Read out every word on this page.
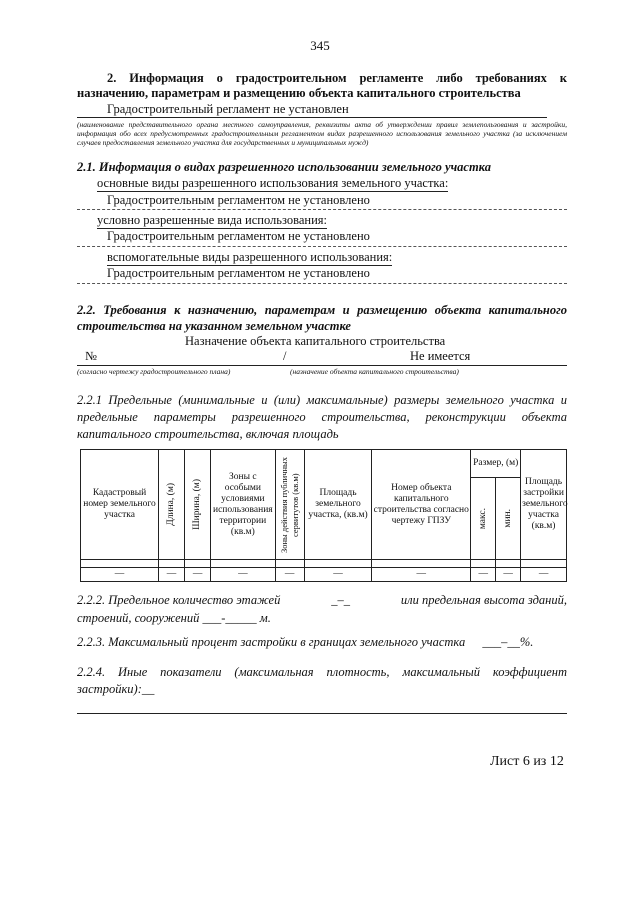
345
2. Информация о градостроительном регламенте либо требованиях к назначению, параметрам и размещению объекта капитального строительства
Градостроительный регламент не установлен
(наименование представительного органа местного самоуправления, реквизиты акта об утверждении правил землепользования и застройки, информация обо всех предусмотренных градостроительным регламентом видах разрешенного использования земельного участка (за исключением случаев предоставления земельного участка для государственных и муниципальных нужд)
2.1. Информация о видах разрешенного использовании земельного участка
основные виды разрешенного использования земельного участка:
Градостроительным регламентом не установлено
условно разрешенные вида использования:
Градостроительным регламентом не установлено
вспомогательные виды разрешенного использования:
Градостроительным регламентом не установлено
2.2. Требования к назначению, параметрам и размещению объекта капитального строительства на указанном земельном участке
Назначение объекта капитального строительства
№	/	Не имеется
(согласно чертежу градостроительного плана)	(назначение объекта капитального строительства)
2.2.1 Предельные (минимальные и (или) максимальные) размеры земельного участка и предельные параметры разрешенного строительства, реконструкции объекта капитального строительства, включая площадь
Кадастровый номер земельного участка	Длина, (м)	Ширина, (м)	Зоны с особыми условиями использования территории (кв.м)	Зоны действия публичных сервитутов (кв.м)	Площадь земельного участка, (кв.м)	Номер объекта капитального строительства согласно чертежу ГПЗУ	Размер, (м)		Площадь застройки земельного участка (кв.м)

							макс.	мин.	

—	—	—	—	—	—	—	—	—	—
2.2.2. Предельное количество этажей	_–_	или предельная высота зданий,
строений, сооружений ___-_____ м.
2.2.3. Максимальный процент застройки в границах земельного участка ___–__%.
2.2.4. Иные показатели (максимальная плотность, максимальный коэффициент застройки):__
Лист 6 из 12
